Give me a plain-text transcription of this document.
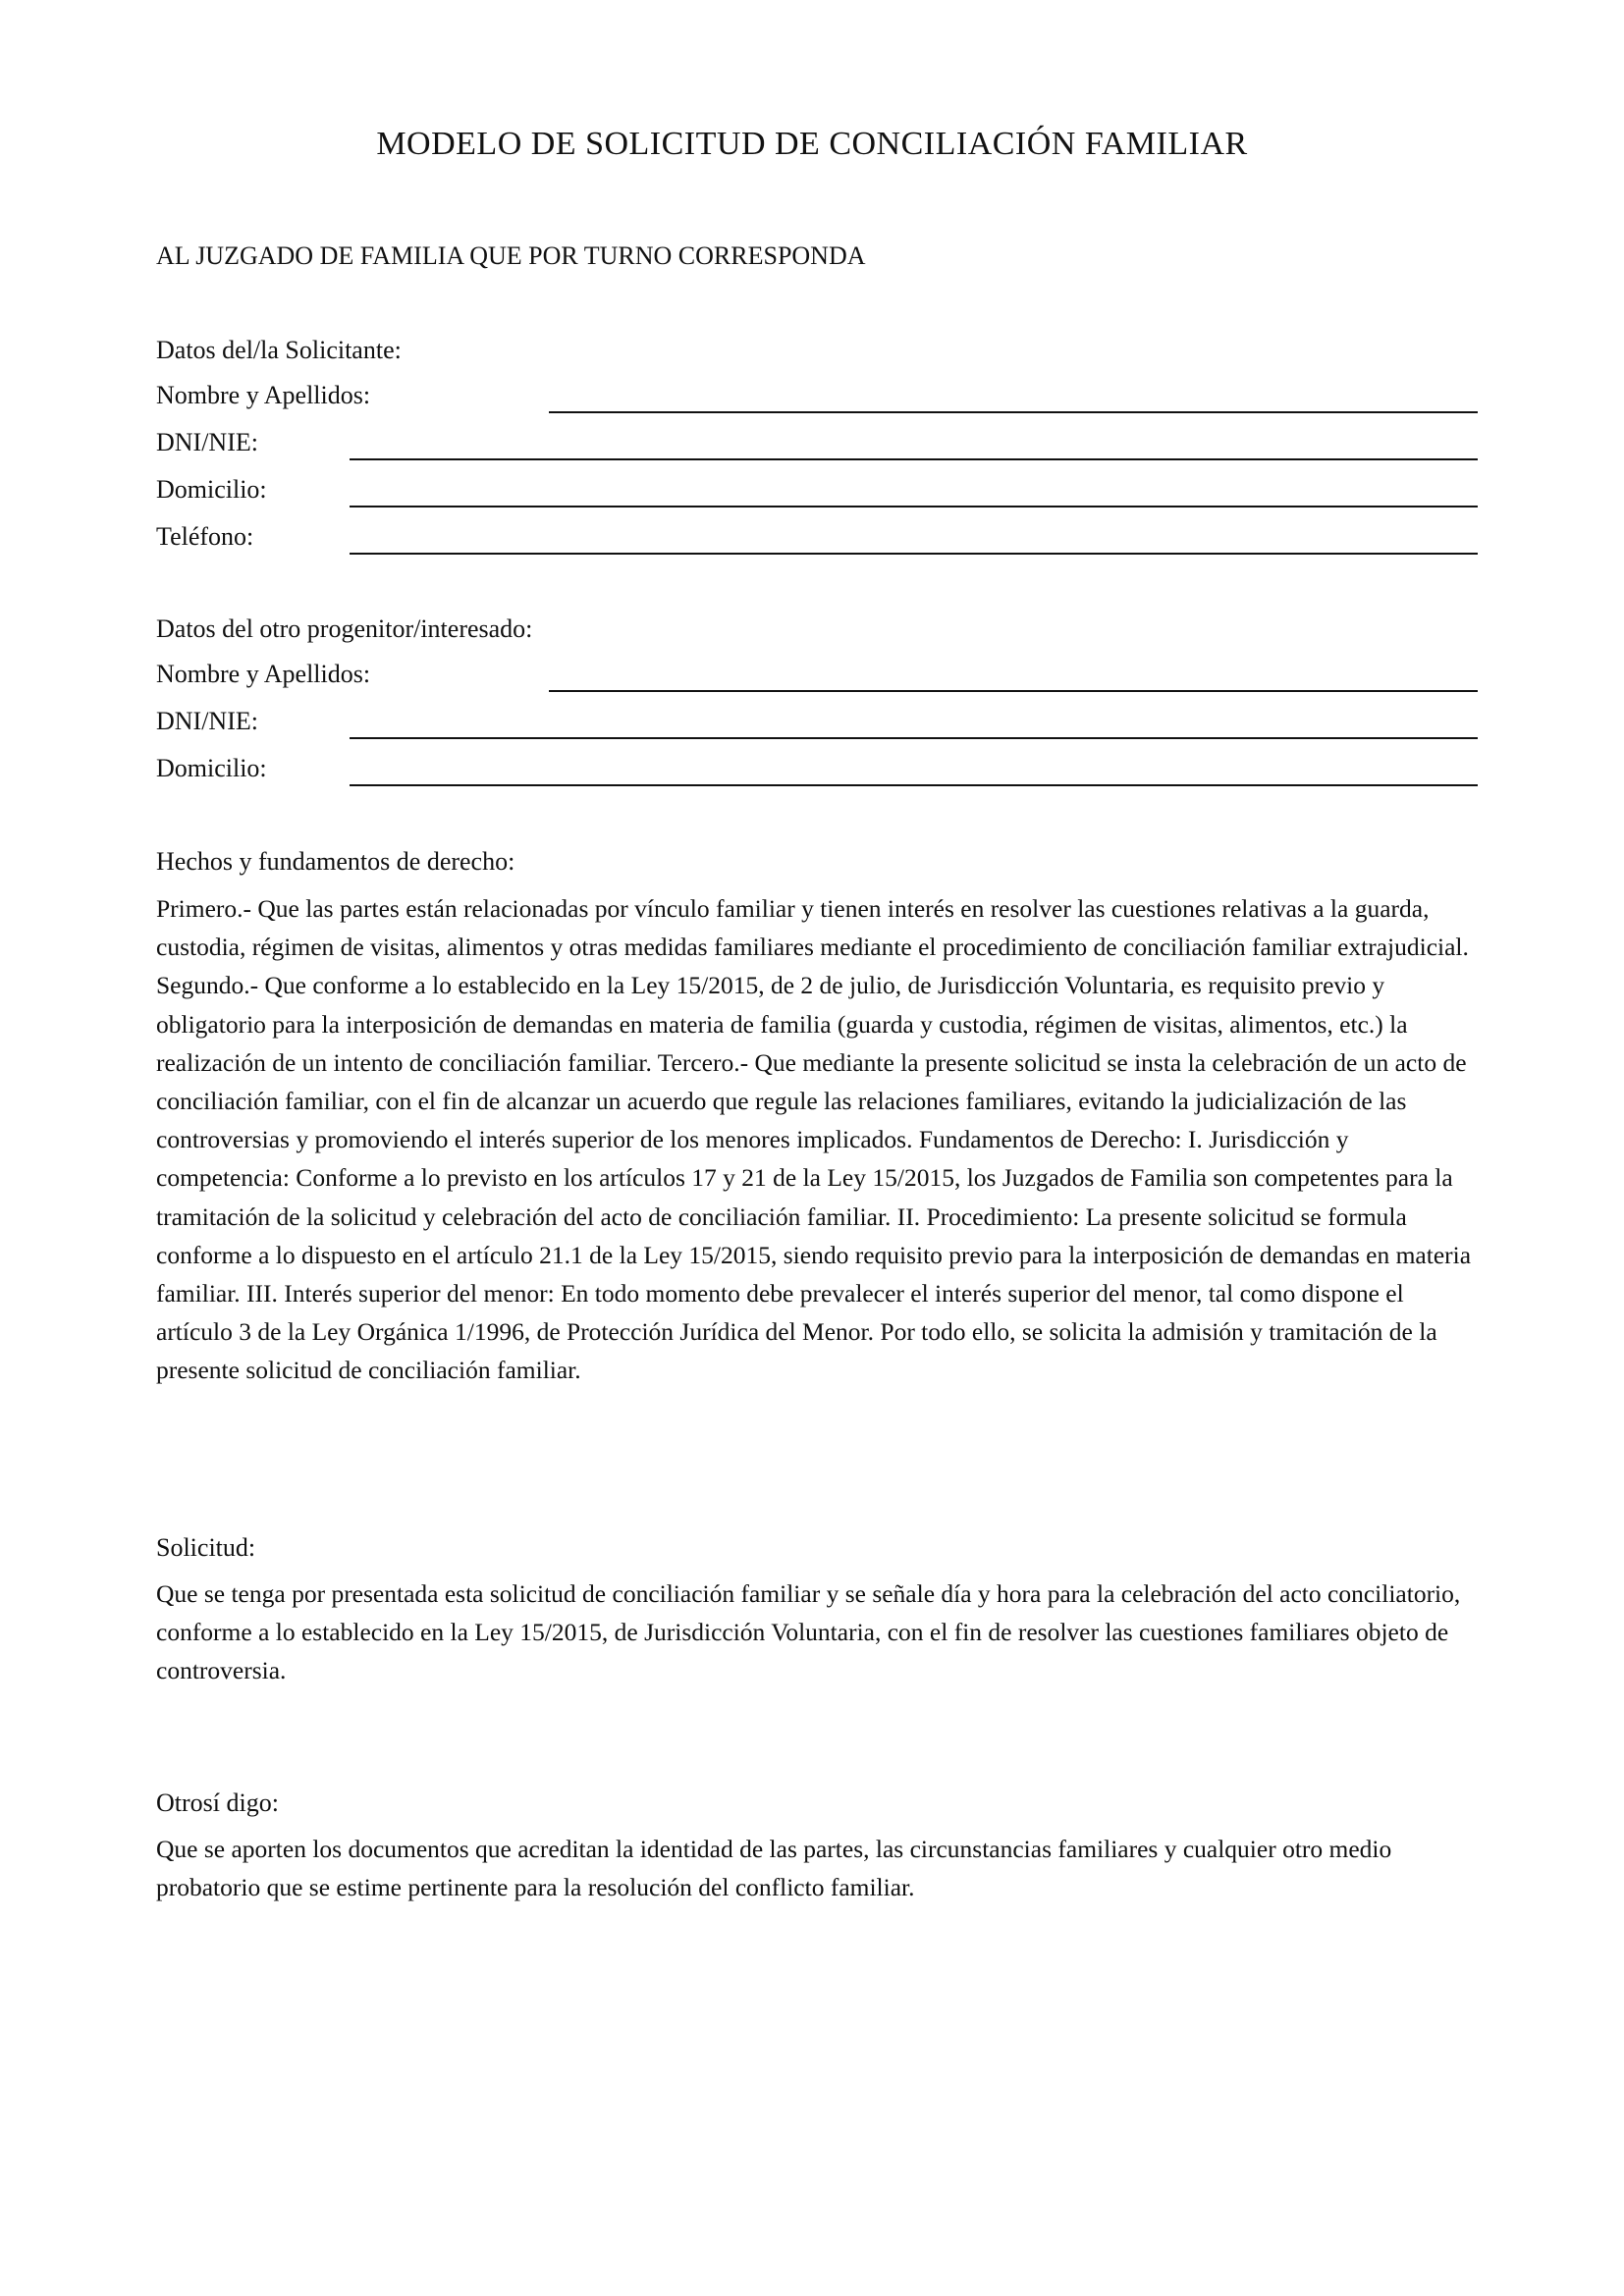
MODELO DE SOLICITUD DE CONCILIACIÓN FAMILIAR
AL JUZGADO DE FAMILIA QUE POR TURNO CORRESPONDA
Datos del/la Solicitante:
Nombre y Apellidos:
DNI/NIE:
Domicilio:
Teléfono:
Datos del otro progenitor/interesado:
Nombre y Apellidos:
DNI/NIE:
Domicilio:
Hechos y fundamentos de derecho:

Primero.- Que las partes están relacionadas por vínculo familiar y tienen interés en resolver las cuestiones relativas a la guarda, custodia, régimen de visitas, alimentos y otras medidas familiares mediante el procedimiento de conciliación familiar extrajudicial. Segundo.- Que conforme a lo establecido en la Ley 15/2015, de 2 de julio, de Jurisdicción Voluntaria, es requisito previo y obligatorio para la interposición de demandas en materia de familia (guarda y custodia, régimen de visitas, alimentos, etc.) la realización de un intento de conciliación familiar. Tercero.- Que mediante la presente solicitud se insta la celebración de un acto de conciliación familiar, con el fin de alcanzar un acuerdo que regule las relaciones familiares, evitando la judicialización de las controversias y promoviendo el interés superior de los menores implicados. Fundamentos de Derecho: I. Jurisdicción y competencia: Conforme a lo previsto en los artículos 17 y 21 de la Ley 15/2015, los Juzgados de Familia son competentes para la tramitación de la solicitud y celebración del acto de conciliación familiar. II. Procedimiento: La presente solicitud se formula conforme a lo dispuesto en el artículo 21.1 de la Ley 15/2015, siendo requisito previo para la interposición de demandas en materia familiar. III. Interés superior del menor: En todo momento debe prevalecer el interés superior del menor, tal como dispone el artículo 3 de la Ley Orgánica 1/1996, de Protección Jurídica del Menor. Por todo ello, se solicita la admisión y tramitación de la presente solicitud de conciliación familiar.

Solicitud:

Que se tenga por presentada esta solicitud de conciliación familiar y se señale día y hora para la celebración del acto conciliatorio, conforme a lo establecido en la Ley 15/2015, de Jurisdicción Voluntaria, con el fin de resolver las cuestiones familiares objeto de controversia.

Otrosí digo:

Que se aporten los documentos que acreditan la identidad de las partes, las circunstancias familiares y cualquier otro medio probatorio que se estime pertinente para la resolución del conflicto familiar.
